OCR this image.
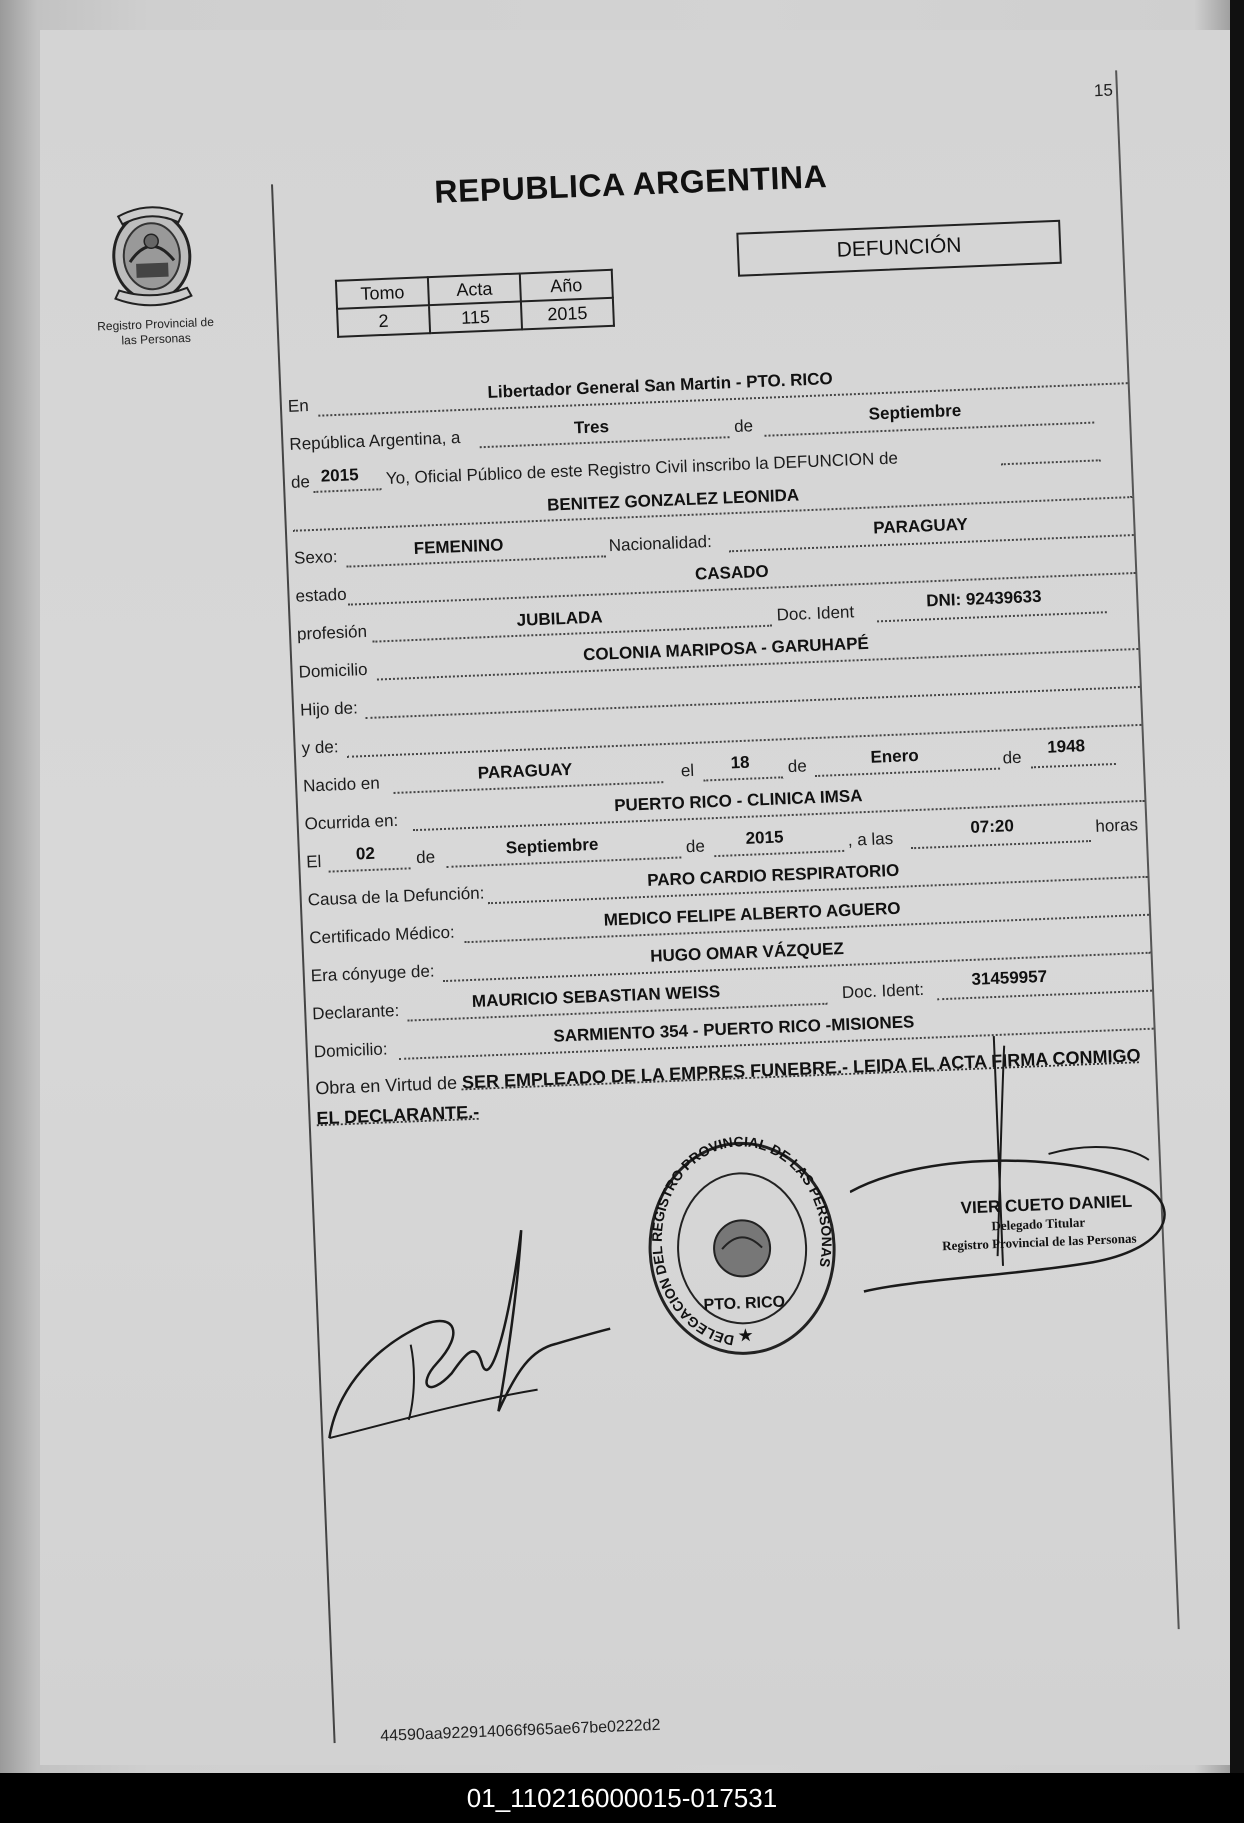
15
Registro Provincial de
las Personas
REPUBLICA ARGENTINA
Tomo	Acta	Año
2	115	2015
DEFUNCIÓN
En
Libertador General San Martin - PTO. RICO
República Argentina, a
Tres	de
Septiembre
de 2015 Yo, Oficial Público de este Registro Civil inscribo la DEFUNCION de
BENITEZ GONZALEZ LEONIDA
Sexo:	FEMENINO	Nacionalidad:
PARAGUAY
estado
CASADO
profesión
JUBILADA	Doc. Ident
DNI: 92439633
Domicilio
COLONIA MARIPOSA - GARUHAPÉ
Hijo de:
y de:
Nacido en
PARAGUAY	el 18 de	Enero	de
1948
Ocurrida en:
PUERTO RICO - CLINICA IMSA
El 02 de	Septiembre	de 2015	, a las
07:20	horas
Causa de la Defunción:
PARO CARDIO RESPIRATORIO
Certificado Médico:
MEDICO FELIPE ALBERTO AGUERO
Era cónyuge de:
HUGO OMAR VÁZQUEZ
Declarante:
MAURICIO SEBASTIAN WEISS	Doc. Ident:
31459957
Domicilio:
SARMIENTO 354 - PUERTO RICO -MISIONES
Obra en Virtud de SER EMPLEADO DE LA EMPRES FUNEBRE.- LEIDA EL ACTA FIRMA CONMIGO EL DECLARANTE.-
DELEGACION DEL REGISTRO PROVINCIAL DE LAS PERSONAS
PTO. RICO
★
VIER CUETO DANIEL
Delegado Titular
Registro Provincial de las Personas
44590aa922914066f965ae67be0222d2
01_110216000015-017531
